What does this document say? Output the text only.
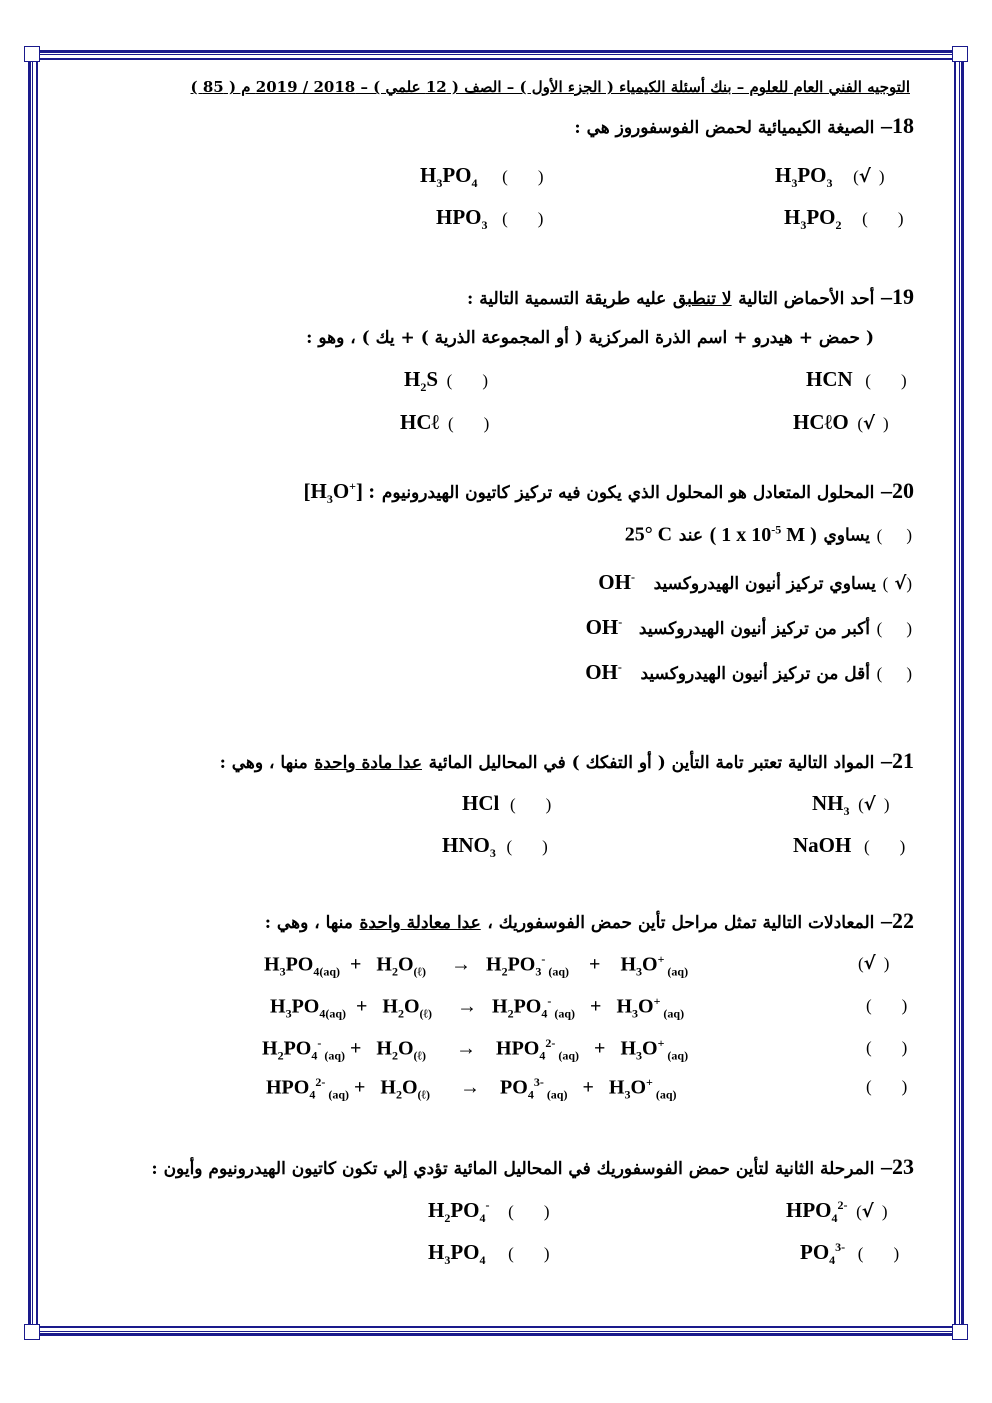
التوجيه الفني العام للعلوم – بنك أسئلة الكيمياء ( الجزء الأول ) – الصف ( 12 علمي ) – 2018 / 2019 م ( 85 )
18– الصيغة الكيميائية لحمض الفوسفوروز هي :
$H_3PO_3$ (√ )
$H_3PO_4$ ( )
$H_3PO_2$ ( )
$HPO_3$ ( )
19– أحد الأحماض التالية لا تنطبق عليه طريقة التسمية التالية :
( حمض + هيدرو + اسم الذرة المركزية ( أو المجموعة الذرية ) + يك ) ، وهو :
HCN ( )
$H_2S$ ( )
HCℓO (√ )
HCℓ ( )
20– المحلول المتعادل هو المحلول الذي يكون فيه تركيز كاتيون الهيدرونيوم $[H_3O^+]$ :
() يساوي ( 1 x $10^{-5}$ M ) عند 25° C
(√) يساوي تركيز أنيون الهيدروكسيد OH-
() أكبر من تركيز أنيون الهيدروكسيد OH-
() أقل من تركيز أنيون الهيدروكسيد OH-
21– المواد التالية تعتبر تامة التأين ( أو التفكك ) في المحاليل المائية عدا مادة واحدة منها ، وهي :
$NH_3$ (√ )
HCl ( )
NaOH ( )
$HNO_3$ ( )
22– المعادلات التالية تمثل مراحل تأين حمض الفوسفوريك ، عدا معادلة واحدة منها ، وهي :
$H_3PO_{4(aq)} + H_2O_{(\ell)}$     →   $H_2PO_3^-$ $_{(aq)}$    +    $H_3O^+$ $_{(aq)}$	(√ )
$H_3PO_{4(aq)} + H_2O_{(\ell)}$     →   $H_2PO_4^-$ $_{(aq)} + H_3O^+$ $_{(aq)}$	( )
$H_2PO_4^-$ $_{(aq)} + H_2O_{(\ell)}$      →    $HPO_4^{2-}$ $_{(aq)} + H_3O^+$ $_{(aq)}$	( )
$HPO_4^{2-}$ $_{(aq)} + H_2O_{(\ell)}$      →    $PO_4^{3-}$ $_{(aq)} + H_3O^+$ $_{(aq)}$	( )
23– المرحلة الثانية لتأين حمض الفوسفوريك في المحاليل المائية تؤدي إلي تكون كاتيون الهيدرونيوم وأيون :
$HPO_4^{2-}$ (√ )
$H_2PO_4^-$ ( )
$PO_4^{3-}$ ( )
$H_3PO_4$ ( )
